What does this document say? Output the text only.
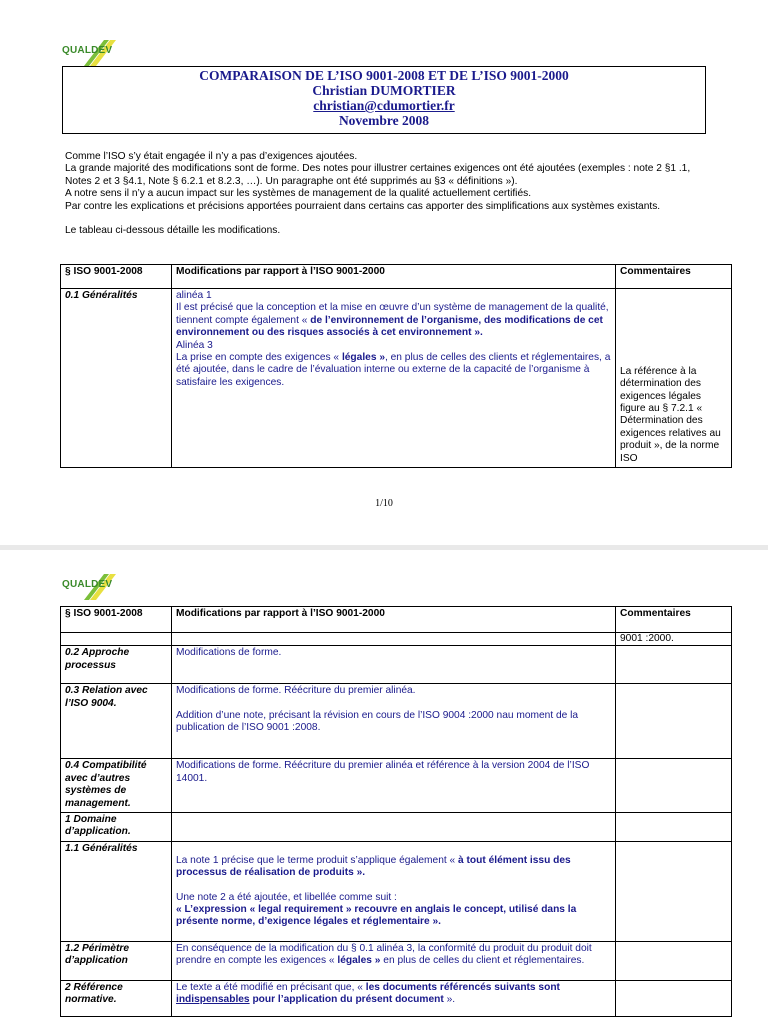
QUALDEV
COMPARAISON DE L’ISO 9001-2008 ET DE L’ISO 9001-2000
Christian DUMORTIER
christian@cdumortier.fr
Novembre 2008

Comme l’ISO s’y était engagée il n’y a pas d’exigences ajoutées.

La grande majorité des modifications sont de forme. Des notes pour illustrer certaines exigences ont été ajoutées (exemples : note 2 §1 .1, Notes 2 et 3 §4.1, Note § 6.2.1 et 8.2.3, …). Un paragraphe ont été supprimés au §3 « définitions »).

A notre sens il n’y a aucun impact sur les systèmes de management de la qualité actuellement certifiés.

Par contre les explications et précisions apportées pourraient dans certains cas apporter des simplifications aux systèmes existants.

Le tableau ci-dessous détaille les modifications.

§ ISO 9001-2008	Modifications par rapport à l’ISO 9001-2000	Commentaires
0.1 Généralités	alinéa 1
Il est précisé que la conception et la mise en œuvre d’un système de management de la qualité, tiennent compte également « de l’environnement de l’organisme, des modifications de cet environnement ou des risques associés à cet environnement ».
Alinéa 3
La prise en compte des exigences « légales », en plus de celles des clients et réglementaires, a été ajoutée, dans le cadre de l’évaluation interne ou externe de la capacité de l’organisme à satisfaire les exigences.	La référence à la détermination des exigences légales figure au § 7.2.1 « Détermination des exigences relatives au produit », de la norme ISO
1/10
QUALDEV
§ ISO 9001-2008	Modifications par rapport à l’ISO 9001-2000	Commentaires
		9001 :2000.
0.2 Approche processus	Modifications de forme.	
0.3 Relation avec l’ISO 9004.	Modifications de forme. Réécriture du premier alinéa.
Addition d’une note, précisant la révision en cours de l’ISO 9004 :2000 nau moment de la publication de l’ISO 9001 :2008.	

0.4 Compatibilité avec d’autres systèmes de management.	Modifications de forme. Réécriture du premier alinéa et référence à la version 2004 de l’ISO 14001.	
1 Domaine d’application.		
1.1 Généralités	La note 1 précise que le terme produit s’applique également « à tout élément issu des processus de réalisation de produits ».
Une note 2 a été ajoutée, et libellée comme suit :
« L’expression « legal requirement » recouvre en anglais le concept, utilisé dans la présente norme, d’exigence légales et réglementaire ».	

1.2 Périmètre d’application	En conséquence de la modification du § 0.1 alinéa 3, la conformité du produit du produit doit prendre en compte les exigences « légales » en plus de celles du client et réglementaires.	
2 Référence normative.	Le texte a été modifié en précisant que, « les documents référencés suivants sont indispensables pour l’application du présent document ».	
